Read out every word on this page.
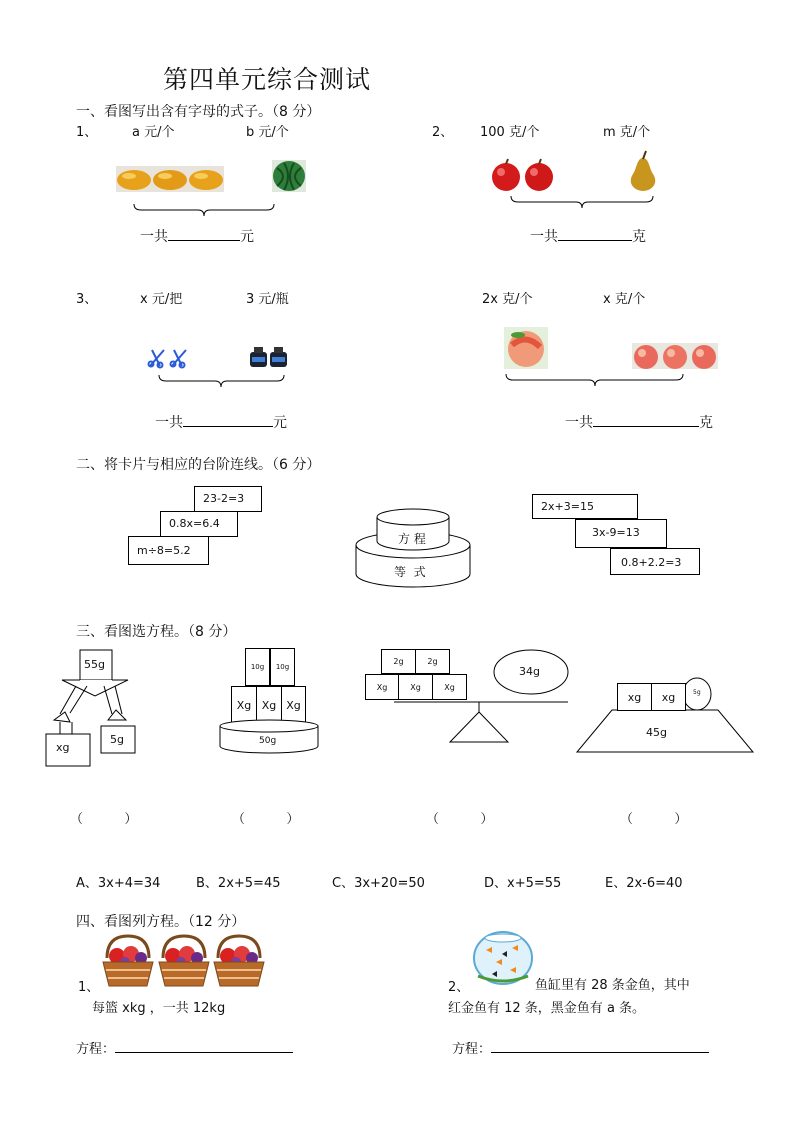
第四单元综合测试
一、看图写出含有字母的式子。（8 分）
1、	a 元/个	b 元/个
一共	元
2、 100 克/个	m 克/个
一共	克
3、	x 元/把	3 元/瓶
一共	元
2x 克/个	x 克/个
一共	克
二、将卡片与相应的台阶连线。（6 分）
23-2=3
0.8x=6.4
m÷8=5.2
方 程
等  式
2x+3=15
3x-9=13
0.8+2.2=3
三、看图选方程。（8 分）
55g
xg
5g
10g	10g
Xg Xg Xg
50g
2g	2g
Xg	Xg	Xg
34g
xg	xg	5g
45g
（          ）	（          ）	（          ）	（          ）
A、3x+4=34	B、2x+5=45	C、3x+20=50	D、x+5=55	E、2x-6=40
四、看图列方程。（12 分）
1、
每篮 xkg ，一共 12kg
2、	鱼缸里有 28 条金鱼，其中
红金鱼有 12 条，黑金鱼有 a 条。
方程：	方程：
